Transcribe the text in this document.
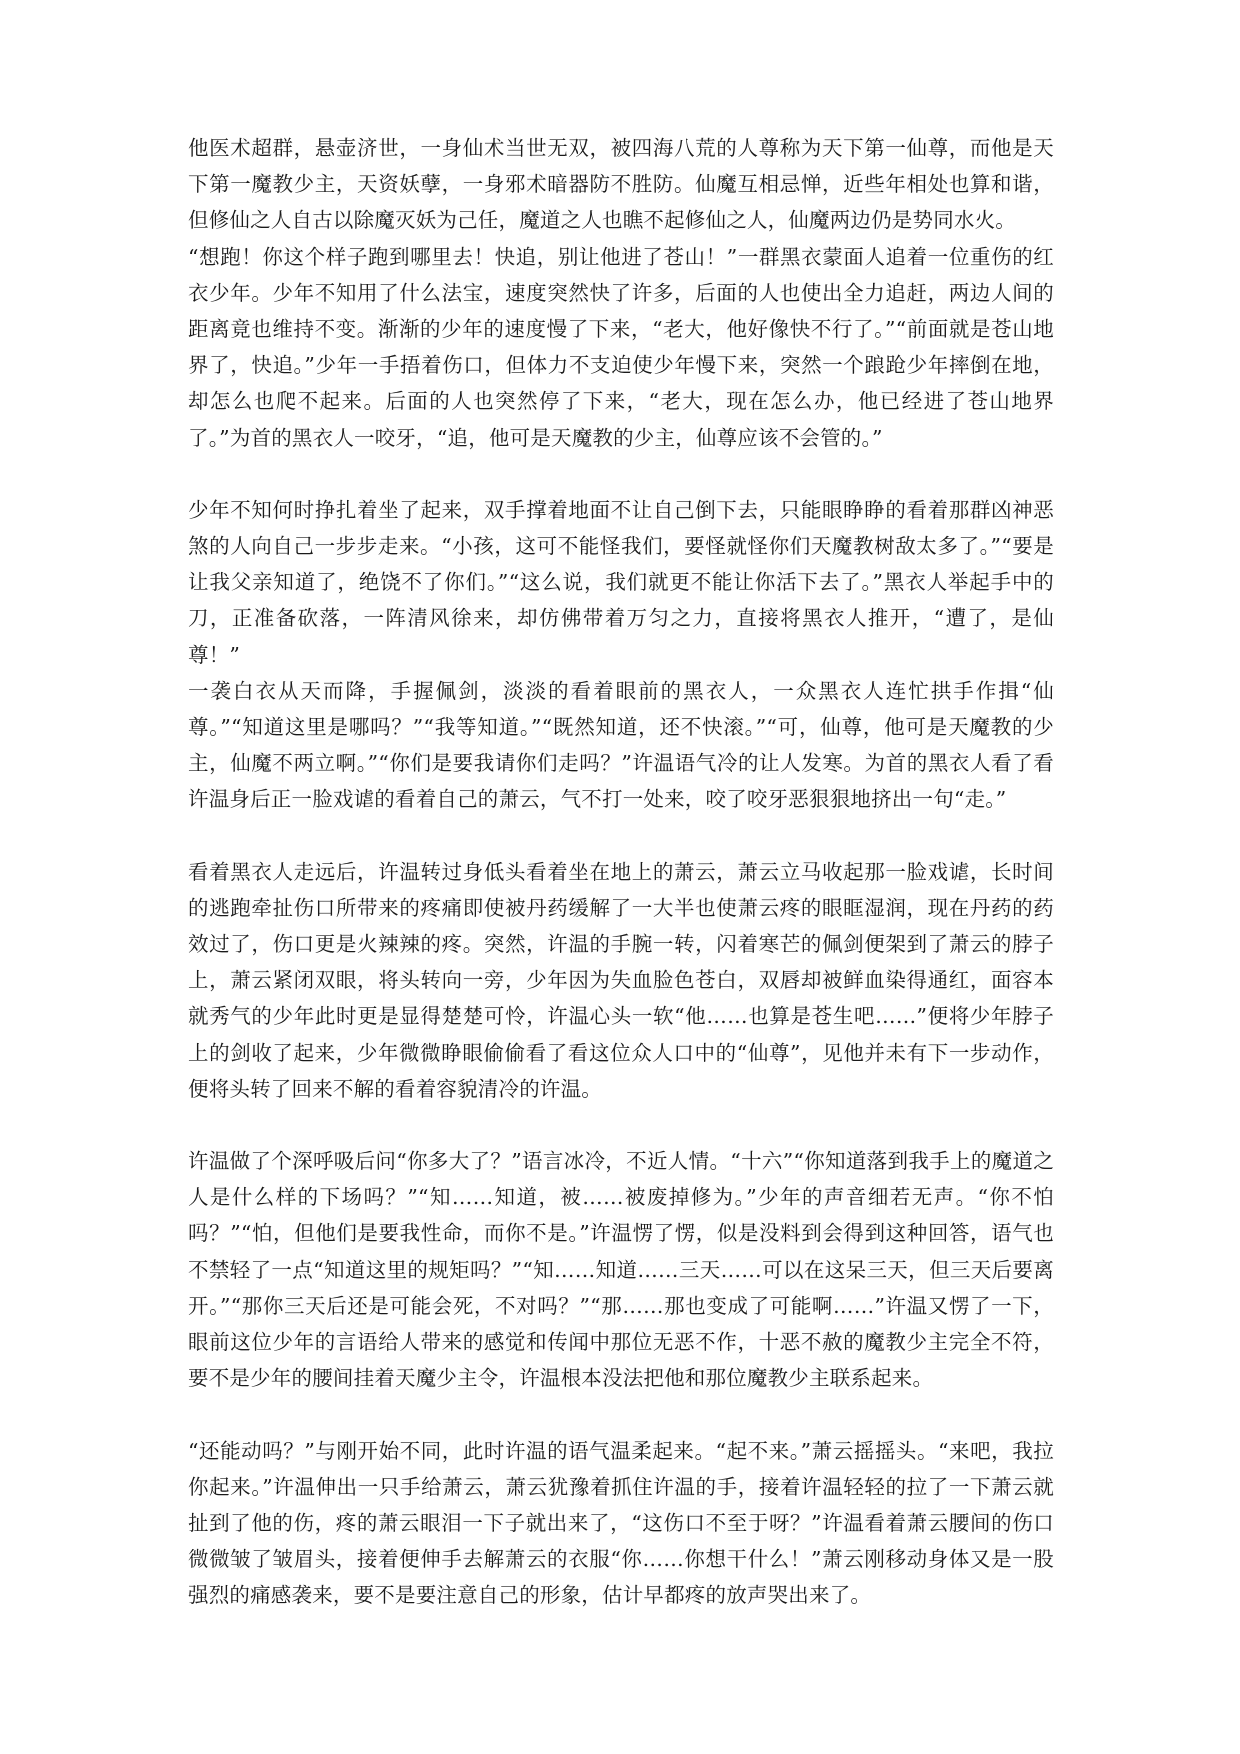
他医术超群，悬壶济世，一身仙术当世无双，被四海八荒的人尊称为天下第一仙尊，而他是天下第一魔教少主，天资妖孽，一身邪术暗器防不胜防。仙魔互相忌惮，近些年相处也算和谐，但修仙之人自古以除魔灭妖为己任，魔道之人也瞧不起修仙之人，仙魔两边仍是势同水火。

“想跑！你这个样子跑到哪里去！快追，别让他进了苍山！”一群黑衣蒙面人追着一位重伤的红衣少年。少年不知用了什么法宝，速度突然快了许多，后面的人也使出全力追赶，两边人间的距离竟也维持不变。渐渐的少年的速度慢了下来，“老大，他好像快不行了。”“前面就是苍山地界了，快追。”少年一手捂着伤口，但体力不支迫使少年慢下来，突然一个踉跄少年摔倒在地，却怎么也爬不起来。后面的人也突然停了下来，“老大，现在怎么办，他已经进了苍山地界了。”为首的黑衣人一咬牙，“追，他可是天魔教的少主，仙尊应该不会管的。”

少年不知何时挣扎着坐了起来，双手撑着地面不让自己倒下去，只能眼睁睁的看着那群凶神恶煞的人向自己一步步走来。“小孩，这可不能怪我们，要怪就怪你们天魔教树敌太多了。”“要是让我父亲知道了，绝饶不了你们。”“这么说，我们就更不能让你活下去了。”黑衣人举起手中的刀，正准备砍落，一阵清风徐来，却仿佛带着万匀之力，直接将黑衣人推开，“遭了，是仙尊！”

一袭白衣从天而降，手握佩剑，淡淡的看着眼前的黑衣人，一众黑衣人连忙拱手作揖“仙尊。”“知道这里是哪吗？”“我等知道。”“既然知道，还不快滚。”“可，仙尊，他可是天魔教的少主，仙魔不两立啊。”“你们是要我请你们走吗？”许温语气冷的让人发寒。为首的黑衣人看了看许温身后正一脸戏谑的看着自己的萧云，气不打一处来，咬了咬牙恶狠狠地挤出一句“走。”

看着黑衣人走远后，许温转过身低头看着坐在地上的萧云，萧云立马收起那一脸戏谑，长时间的逃跑牵扯伤口所带来的疼痛即使被丹药缓解了一大半也使萧云疼的眼眶湿润，现在丹药的药效过了，伤口更是火辣辣的疼。突然，许温的手腕一转，闪着寒芒的佩剑便架到了萧云的脖子上，萧云紧闭双眼，将头转向一旁，少年因为失血脸色苍白，双唇却被鲜血染得通红，面容本就秀气的少年此时更是显得楚楚可怜，许温心头一软“他……也算是苍生吧……”便将少年脖子上的剑收了起来，少年微微睁眼偷偷看了看这位众人口中的“仙尊”，见他并未有下一步动作，便将头转了回来不解的看着容貌清冷的许温。

许温做了个深呼吸后问“你多大了？”语言冰冷，不近人情。“十六”“你知道落到我手上的魔道之人是什么样的下场吗？”“知……知道，被……被废掉修为。”少年的声音细若无声。“你不怕吗？”“怕，但他们是要我性命，而你不是。”许温愣了愣，似是没料到会得到这种回答，语气也不禁轻了一点“知道这里的规矩吗？”“知……知道……三天……可以在这呆三天，但三天后要离开。”“那你三天后还是可能会死，不对吗？”“那……那也变成了可能啊……”许温又愣了一下，眼前这位少年的言语给人带来的感觉和传闻中那位无恶不作，十恶不赦的魔教少主完全不符，要不是少年的腰间挂着天魔少主令，许温根本没法把他和那位魔教少主联系起来。

“还能动吗？”与刚开始不同，此时许温的语气温柔起来。“起不来。”萧云摇摇头。“来吧，我拉你起来。”许温伸出一只手给萧云，萧云犹豫着抓住许温的手，接着许温轻轻的拉了一下萧云就扯到了他的伤，疼的萧云眼泪一下子就出来了，“这伤口不至于呀？”许温看着萧云腰间的伤口微微皱了皱眉头，接着便伸手去解萧云的衣服“你……你想干什么！”萧云刚移动身体又是一股强烈的痛感袭来，要不是要注意自己的形象，估计早都疼的放声哭出来了。
